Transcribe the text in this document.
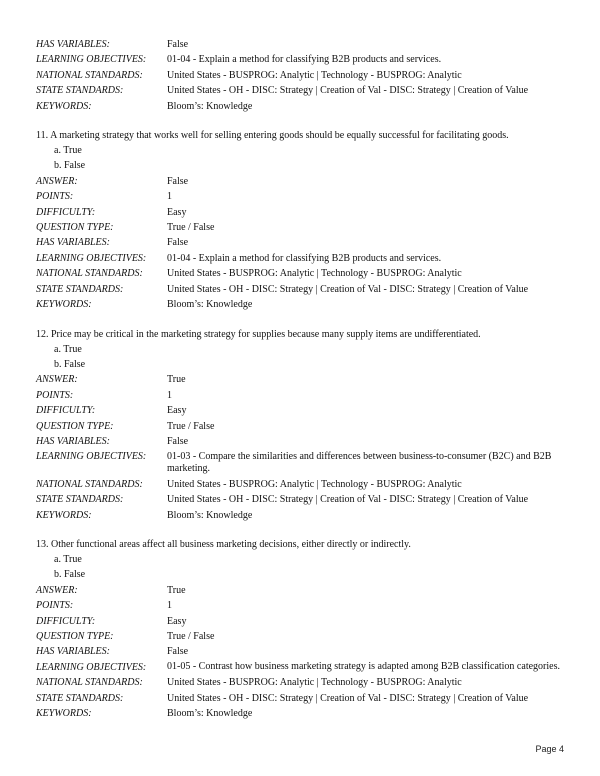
HAS VARIABLES:	False
LEARNING OBJECTIVES:	01-04 - Explain a method for classifying B2B products and services.
NATIONAL STANDARDS:	United States - BUSPROG: Analytic | Technology - BUSPROG: Analytic
STATE STANDARDS:	United States - OH - DISC: Strategy | Creation of Val - DISC: Strategy | Creation of Value
KEYWORDS:	Bloom’s: Knowledge
11. A marketing strategy that works well for selling entering goods should be equally successful for facilitating goods.
a. True
b. False
ANSWER:	False
POINTS:	1
DIFFICULTY:	Easy
QUESTION TYPE:	True / False
HAS VARIABLES:	False
LEARNING OBJECTIVES:	01-04 - Explain a method for classifying B2B products and services.
NATIONAL STANDARDS:	United States - BUSPROG: Analytic | Technology - BUSPROG: Analytic
STATE STANDARDS:	United States - OH - DISC: Strategy | Creation of Val - DISC: Strategy | Creation of Value
KEYWORDS:	Bloom’s: Knowledge
12. Price may be critical in the marketing strategy for supplies because many supply items are undifferentiated.
a. True
b. False
ANSWER:	True
POINTS:	1
DIFFICULTY:	Easy
QUESTION TYPE:	True / False
HAS VARIABLES:	False
LEARNING OBJECTIVES:	01-03 - Compare the similarities and differences between business-to-consumer (B2C) and B2B marketing.
NATIONAL STANDARDS:	United States - BUSPROG: Analytic | Technology - BUSPROG: Analytic
STATE STANDARDS:	United States - OH - DISC: Strategy | Creation of Val - DISC: Strategy | Creation of Value
KEYWORDS:	Bloom’s: Knowledge
13. Other functional areas affect all business marketing decisions, either directly or indirectly.
a. True
b. False
ANSWER:	True
POINTS:	1
DIFFICULTY:	Easy
QUESTION TYPE:	True / False
HAS VARIABLES:	False
LEARNING OBJECTIVES:	01-05 - Contrast how business marketing strategy is adapted among B2B classification categories.
NATIONAL STANDARDS:	United States - BUSPROG: Analytic | Technology - BUSPROG: Analytic
STATE STANDARDS:	United States - OH - DISC: Strategy | Creation of Val - DISC: Strategy | Creation of Value
KEYWORDS:	Bloom’s: Knowledge
Page 4
